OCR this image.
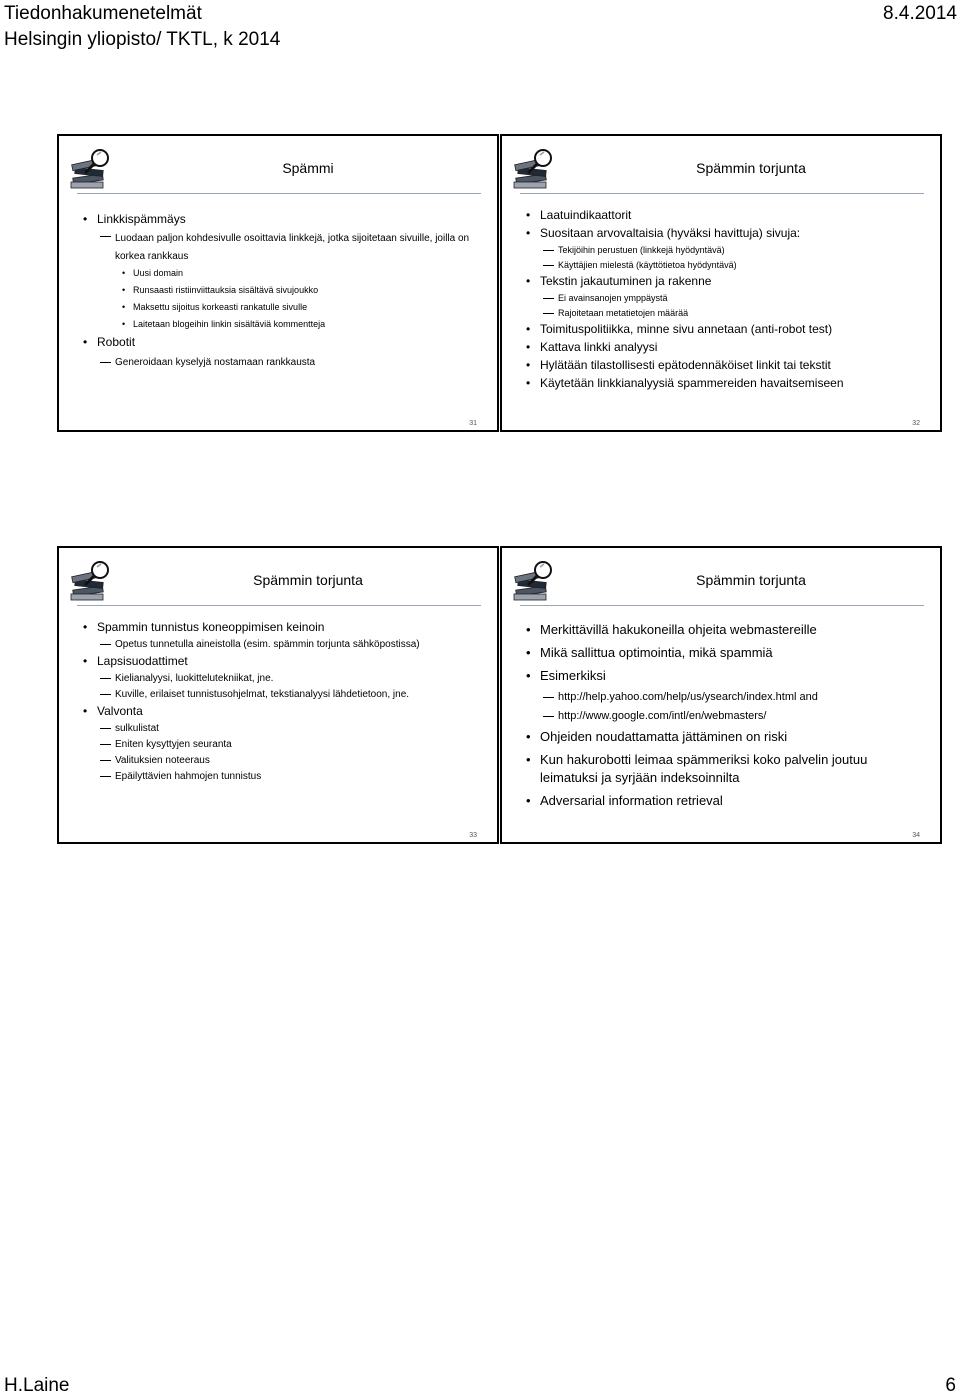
Tiedonhakumenetelmät	8.4.2014
Helsingin yliopisto/ TKTL, k 2014
Spämmi
• Linkkispämmäys
Luodaan paljon kohdesivulle osoittavia linkkejä, jotka sijoitetaan sivuille, joilla on korkea rankkaus
• Uusi domain
• Runsaasti ristiinviittauksia sisältävä sivujoukko
• Maksettu sijoitus korkeasti rankatulle sivulle
• Laitetaan blogeihin linkin sisältäviä kommentteja
• Robotit
Generoidaan kyselyjä nostamaan rankkausta
31
Spämmin torjunta
• Laatuindikaattorit
• Suositaan arvovaltaisia (hyväksi havittuja) sivuja:
Tekijöihin perustuen (linkkejä hyödyntävä)
Käyttäjien mielestä (käyttötietoa hyödyntävä)
• Tekstin jakautuminen ja rakenne
Ei avainsanojen ymppäystä
Rajoitetaan metatietojen määrää
• Toimituspolitiikka, minne sivu annetaan (anti-robot test)
• Kattava linkki analyysi
• Hylätään tilastollisesti epätodennäköiset linkit tai tekstit
• Käytetään linkkianalyysiä spammereiden havaitsemiseen
32
Spämmin torjunta
• Spammin tunnistus koneoppimisen keinoin
Opetus tunnetulla aineistolla (esim. spämmin torjunta sähköpostissa)
• Lapsisuodattimet
Kielianalyysi, luokittelutekniikat, jne.
Kuville, erilaiset tunnistusohjelmat, tekstianalyysi lähdetietoon, jne.
• Valvonta
sulkulistat
Eniten kysyttyjen seuranta
Valituksien noteeraus
Epäilyttävien hahmojen tunnistus
33
Spämmin torjunta
• Merkittävillä hakukoneilla ohjeita webmastereille
• Mikä sallittua optimointia, mikä spammiä
• Esimerkiksi
http://help.yahoo.com/help/us/ysearch/index.html and
http://www.google.com/intl/en/webmasters/
• Ohjeiden noudattamatta jättäminen on riski
• Kun hakurobotti leimaa spämmeriksi koko palvelin joutuu leimatuksi ja syrjään indeksoinnilta
• Adversarial information retrieval
34
H.Laine	6
